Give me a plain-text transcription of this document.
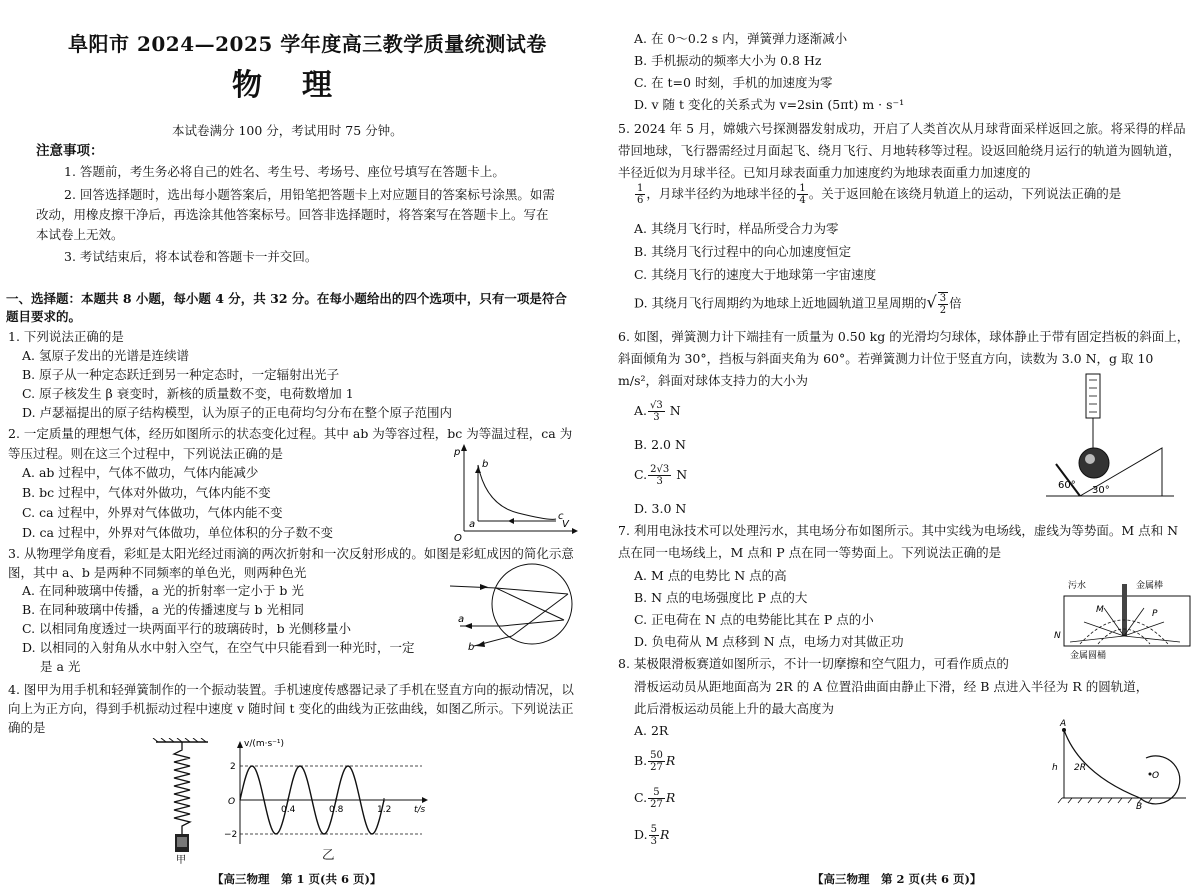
阜阳市 2024—2025 学年度高三教学质量统测试卷
物理
本试卷满分 100 分，考试用时 75 分钟。
注意事项：
1. 答题前，考生务必将自己的姓名、考生号、考场号、座位号填写在答题卡上。
2. 回答选择题时，选出每小题答案后，用铅笔把答题卡上对应题目的答案标号涂黑。如需改动，用橡皮擦干净后，再选涂其他答案标号。回答非选择题时，将答案写在答题卡上。写在本试卷上无效。
3. 考试结束后，将本试卷和答题卡一并交回。
一、选择题：本题共 8 小题，每小题 4 分，共 32 分。在每小题给出的四个选项中，只有一项是符合题目要求的。
1. 下列说法正确的是
A. 氢原子发出的光谱是连续谱
B. 原子从一种定态跃迁到另一种定态时，一定辐射出光子
C. 原子核发生 β 衰变时，新核的质量数不变，电荷数增加 1
D. 卢瑟福提出的原子结构模型，认为原子的正电荷均匀分布在整个原子范围内
2. 一定质量的理想气体，经历如图所示的状态变化过程。其中 ab 为等容过程，bc 为等温过程，ca 为等压过程。则在这三个过程中，下列说法正确的是
A. ab 过程中，气体不做功，气体内能减少
B. bc 过程中，气体对外做功，气体内能不变
C. ca 过程中，外界对气体做功，气体内能不变
D. ca 过程中，外界对气体做功，单位体积的分子数不变
p
V
O
a
b
c
3. 从物理学角度看，彩虹是太阳光经过雨滴的两次折射和一次反射形成的。如图是彩虹成因的简化示意图，其中 a、b 是两种不同频率的单色光，则两种色光
A. 在同种玻璃中传播，a 光的折射率一定小于 b 光
B. 在同种玻璃中传播，a 光的传播速度与 b 光相同
C. 以相同角度透过一块两面平行的玻璃砖时，b 光侧移量小
D. 以相同的入射角从水中射入空气，在空气中只能看到一种光时，一定
是 a 光
a
b
4. 图甲为用手机和轻弹簧制作的一个振动装置。手机速度传感器记录了手机在竖直方向的振动情况，以向上为正方向，得到手机振动过程中速度 v 随时间 t 变化的曲线为正弦曲线，如图乙所示。下列说法正确的是
甲
0.4	0.8	1.2
v/(m·s⁻¹)
t/s
O
2
−2
乙
【高三物理　第 1 页(共 6 页)】
A. 在 0～0.2 s 内，弹簧弹力逐渐减小
B. 手机振动的频率大小为 0.8 Hz
C. 在 t=0 时刻，手机的加速度为零
D. v 随 t 变化的关系式为 v=2sin (5πt) m · s⁻¹
5. 2024 年 5 月，嫦娥六号探测器发射成功，开启了人类首次从月球背面采样返回之旅。将采得的样品带回地球，飞行器需经过月面起飞、绕月飞行、月地转移等过程。设返回舱绕月运行的轨道为圆轨道，半径近似为月球半径。已知月球表面重力加速度约为地球表面重力加速度的
$\frac{1}{6}$ ，月球半径约为地球半径的 $\frac{1}{4}$ 。关于返回舱在该绕月轨道上的运动，下列说法正确的是
A. 其绕月飞行时，样品所受合力为零
B. 其绕月飞行过程中的向心加速度恒定
C. 其绕月飞行的速度大于地球第一宇宙速度
D. 其绕月飞行周期约为地球上近地圆轨道卫星周期的√ $\frac{3}{2}$ 倍
6. 如图，弹簧测力计下端挂有一质量为 0.50 kg 的光滑均匀球体，球体静止于带有固定挡板的斜面上，斜面倾角为 30°，挡板与斜面夹角为 60°。若弹簧测力计位于竖直方向，读数为 3.0 N，g 取 10 m/s²，斜面对球体支持力的大小为
A. $\frac{√3}{3}$ N
B. 2.0 N
C. $\frac{2√3}{3}$ N
D. 3.0 N
60° 30°
7. 利用电泳技术可以处理污水，其电场分布如图所示。其中实线为电场线，虚线为等势面。M 点和 N 点在同一电场线上，M 点和 P 点在同一等势面上。下列说法正确的是
A. M 点的电势比 N 点的高
B. N 点的电场强度比 P 点的大
C. 正电荷在 N 点的电势能比其在 P 点的小
D. 负电荷从 M 点移到 N 点，电场力对其做正功
污水	金属棒
M
N
P
金属圆桶
8. 某极限滑板赛道如图所示，不计一切摩擦和空气阻力，可看作质点的
滑板运动员从距地面高为 2R 的 A 位置沿曲面由静止下滑，经 B 点进入半径为 R 的圆轨道，
此后滑板运动员能上升的最大高度为
A. 2R
B. $\frac{50}{27}$ R
C. $\frac{5}{27}$ R
D. $\frac{5}{3}$ R
A
h 2R
O
B
【高三物理　第 2 页(共 6 页)】
